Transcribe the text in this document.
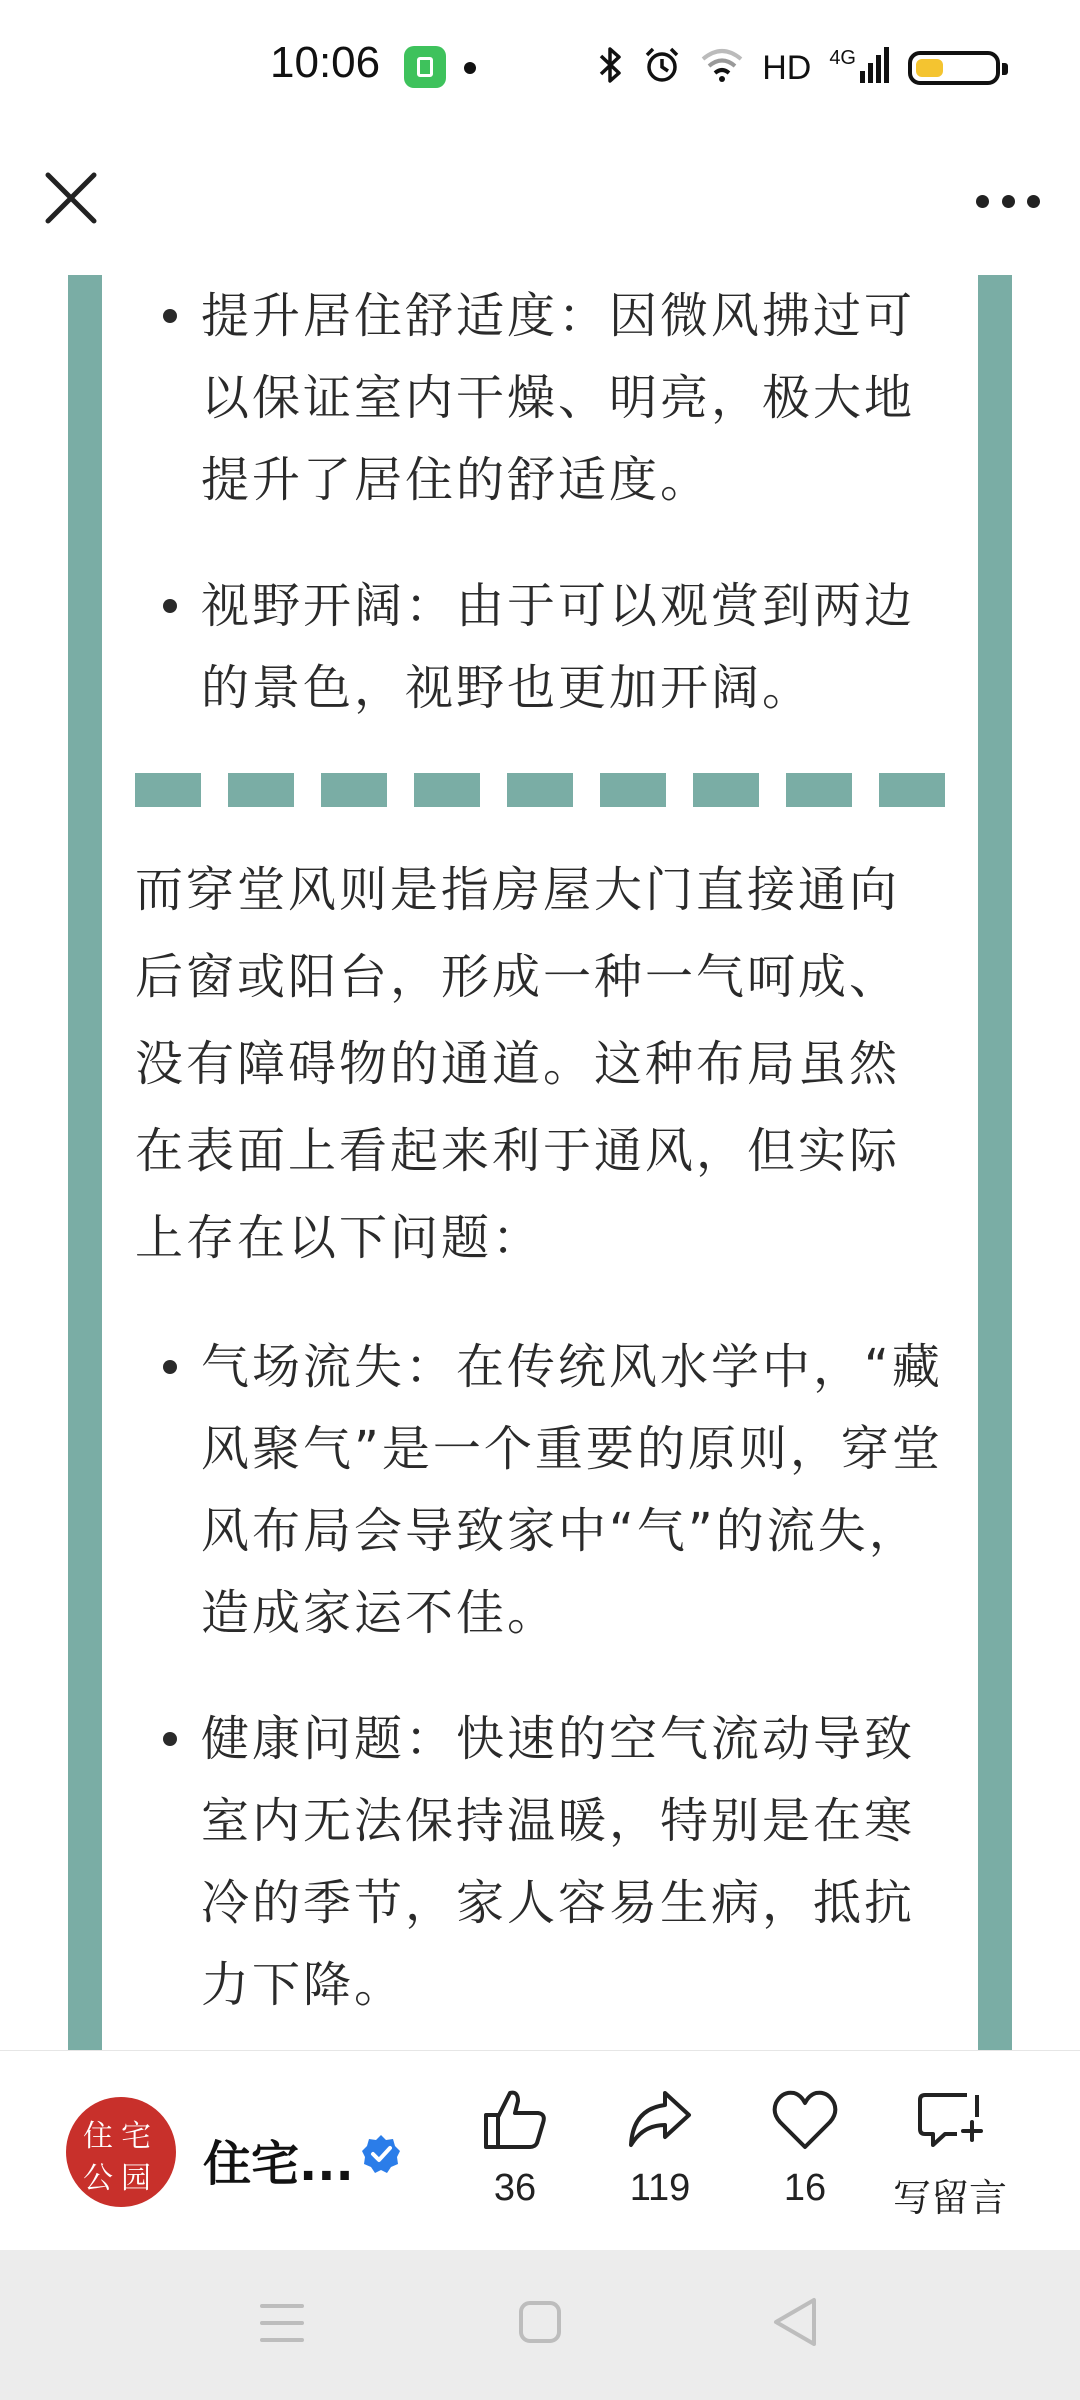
10:06	HD 4G
提升居住舒适度：因微风拂过可以保证室内干燥、明亮，极大地提升了居住的舒适度。
视野开阔：由于可以观赏到两边的景色，视野也更加开阔。
而穿堂风则是指房屋大门直接通向后窗或阳台，形成一种一气呵成、没有障碍物的通道。这种布局虽然在表面上看起来利于通风，但实际上存在以下问题：
气场流失：在传统风水学中，“藏风聚气”是一个重要的原则，穿堂风布局会导致家中“气”的流失，造成家运不佳。
健康问题：快速的空气流动导致室内无法保持温暖，特别是在寒冷的季节，家人容易生病，抵抗力下降。
住宅
公园 住宅...	36	119	16	写留言
